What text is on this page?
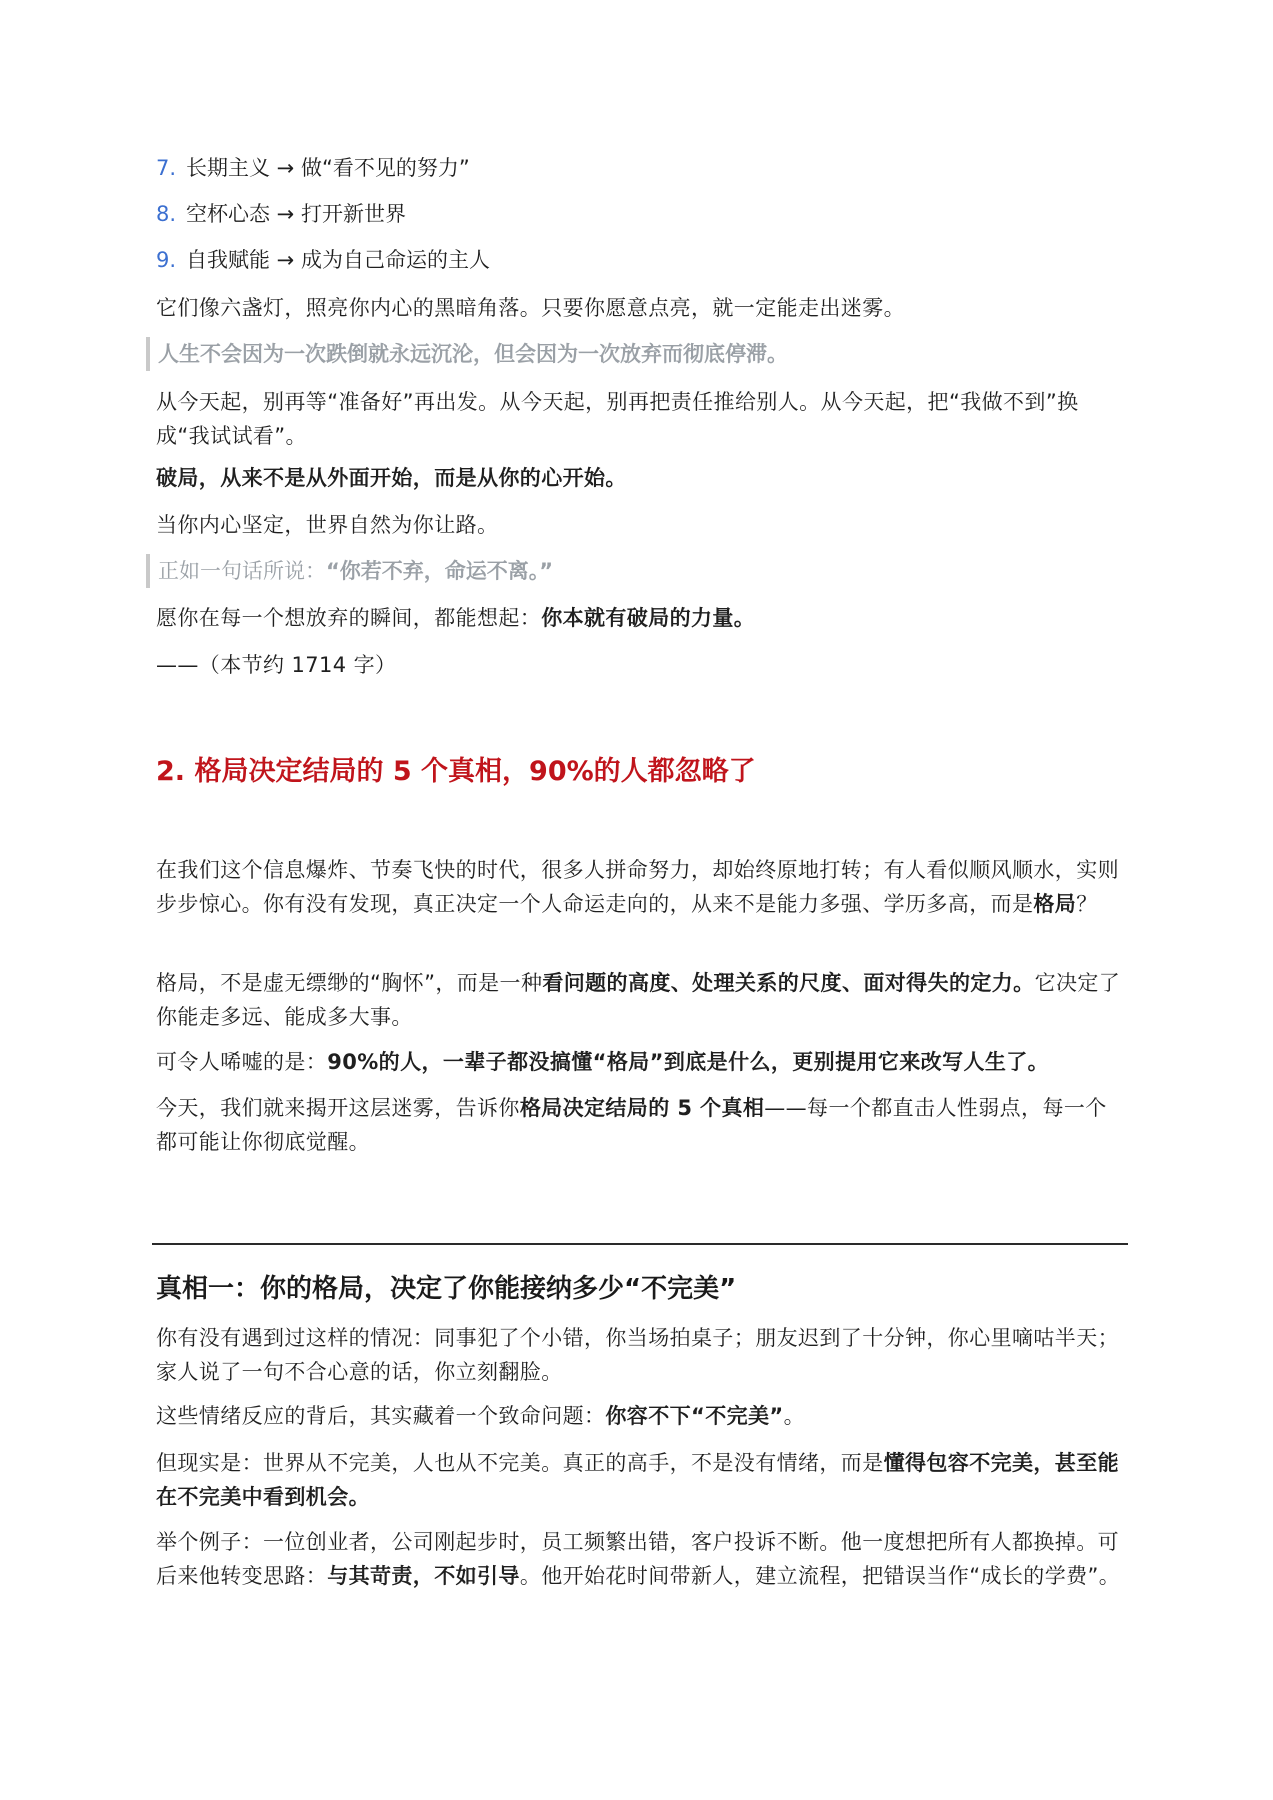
7. 长期主义 → 做“看不见的努力”
8. 空杯心态 → 打开新世界
9. 自我赋能 → 成为自己命运的主人

它们像六盏灯，照亮你内心的黑暗角落。只要你愿意点亮，就一定能走出迷雾。

人生不会因为一次跌倒就永远沉沦，但会因为一次放弃而彻底停滞。

从今天起，别再等“准备好”再出发。从今天起，别再把责任推给别人。从今天起，把“我做不到”换成“我试试看”。

破局，从来不是从外面开始，而是从你的心开始。

当你内心坚定，世界自然为你让路。

正如一句话所说：“你若不弃，命运不离。”

愿你在每一个想放弃的瞬间，都能想起：你本就有破局的力量。

——（本节约 1714 字）

2. 格局决定结局的 5 个真相，90%的人都忽略了

在我们这个信息爆炸、节奏飞快的时代，很多人拼命努力，却始终原地打转；有人看似顺风顺水，实则步步惊心。你有没有发现，真正决定一个人命运走向的，从来不是能力多强、学历多高，而是格局？

格局，不是虚无缥缈的“胸怀”，而是一种看问题的高度、处理关系的尺度、面对得失的定力。它决定了你能走多远、能成多大事。

可令人唏嘘的是：90%的人，一辈子都没搞懂“格局”到底是什么，更别提用它来改写人生了。

今天，我们就来揭开这层迷雾，告诉你格局决定结局的 5 个真相——每一个都直击人性弱点，每一个都可能让你彻底觉醒。

真相一：你的格局，决定了你能接纳多少“不完美”

你有没有遇到过这样的情况：同事犯了个小错，你当场拍桌子；朋友迟到了十分钟，你心里嘀咕半天；家人说了一句不合心意的话，你立刻翻脸。

这些情绪反应的背后，其实藏着一个致命问题：你容不下“不完美”。

但现实是：世界从不完美，人也从不完美。真正的高手，不是没有情绪，而是懂得包容不完美，甚至能在不完美中看到机会。

举个例子：一位创业者，公司刚起步时，员工频繁出错，客户投诉不断。他一度想把所有人都换掉。可后来他转变思路：与其苛责，不如引导。他开始花时间带新人，建立流程，把错误当作“成长的学费”。
